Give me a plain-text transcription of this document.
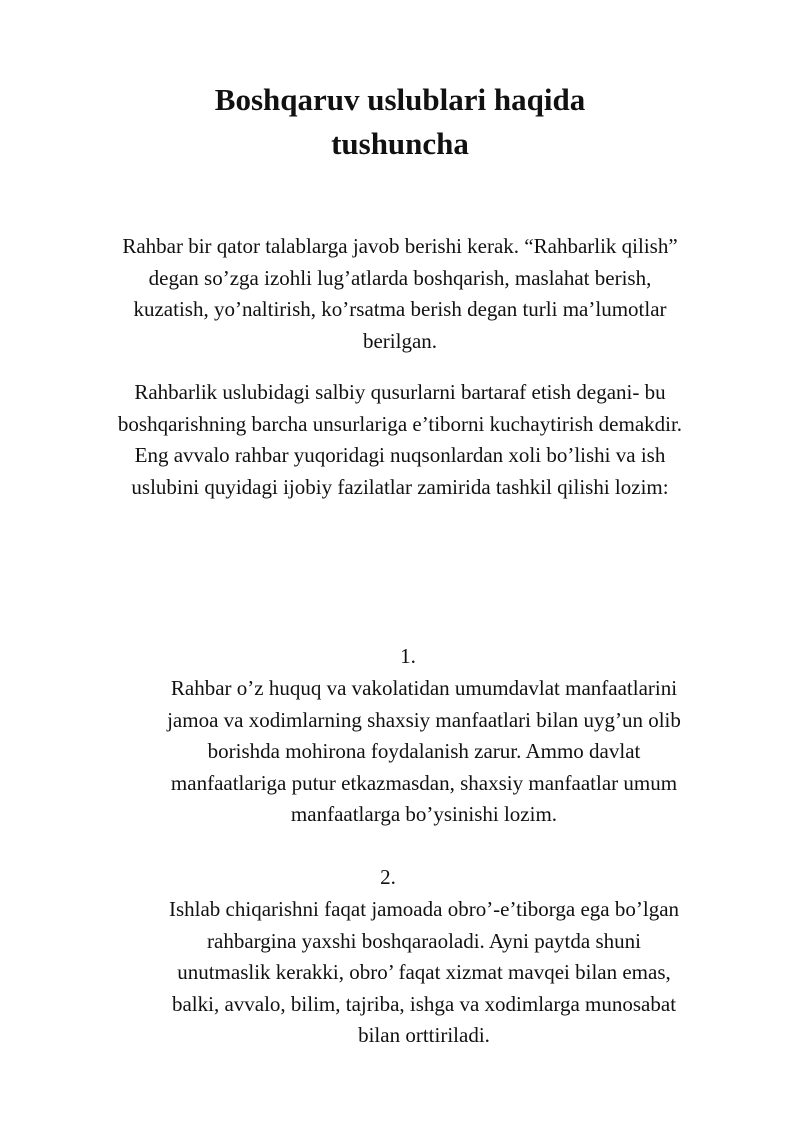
Boshqaruv uslublari haqida tushuncha

Rahbar bir qator talablarga javob berishi kerak. “Rahbarlik qilish” degan so’zga izohli lug’atlarda boshqarish, maslahat berish, kuzatish, yo’naltirish, ko’rsatma berish degan turli ma’lumotlar berilgan.

Rahbarlik uslubidagi salbiy qusurlarni bartaraf etish degani- bu boshqarishning barcha unsurlariga e’tiborni kuchaytirish demakdir. Eng avvalo rahbar yuqoridagi nuqsonlardan xoli bo’lishi va ish uslubini quyidagi ijobiy fazilatlar zamirida tashkil qilishi lozim:

1.

Rahbar o’z huquq va vakolatidan umumdavlat manfaatlarini jamoa va xodimlarning shaxsiy manfaatlari bilan uyg’un olib borishda mohirona foydalanish zarur. Ammo davlat manfaatlariga putur etkazmasdan, shaxsiy manfaatlar umum manfaatlarga bo’ysinishi lozim.

2.

Ishlab chiqarishni faqat jamoada obro’-e’tiborga ega bo’lgan rahbargina yaxshi boshqaraoladi. Ayni paytda shuni unutmaslik kerakki, obro’ faqat xizmat mavqei bilan emas, balki, avvalo, bilim, tajriba, ishga va xodimlarga munosabat bilan orttiriladi.
